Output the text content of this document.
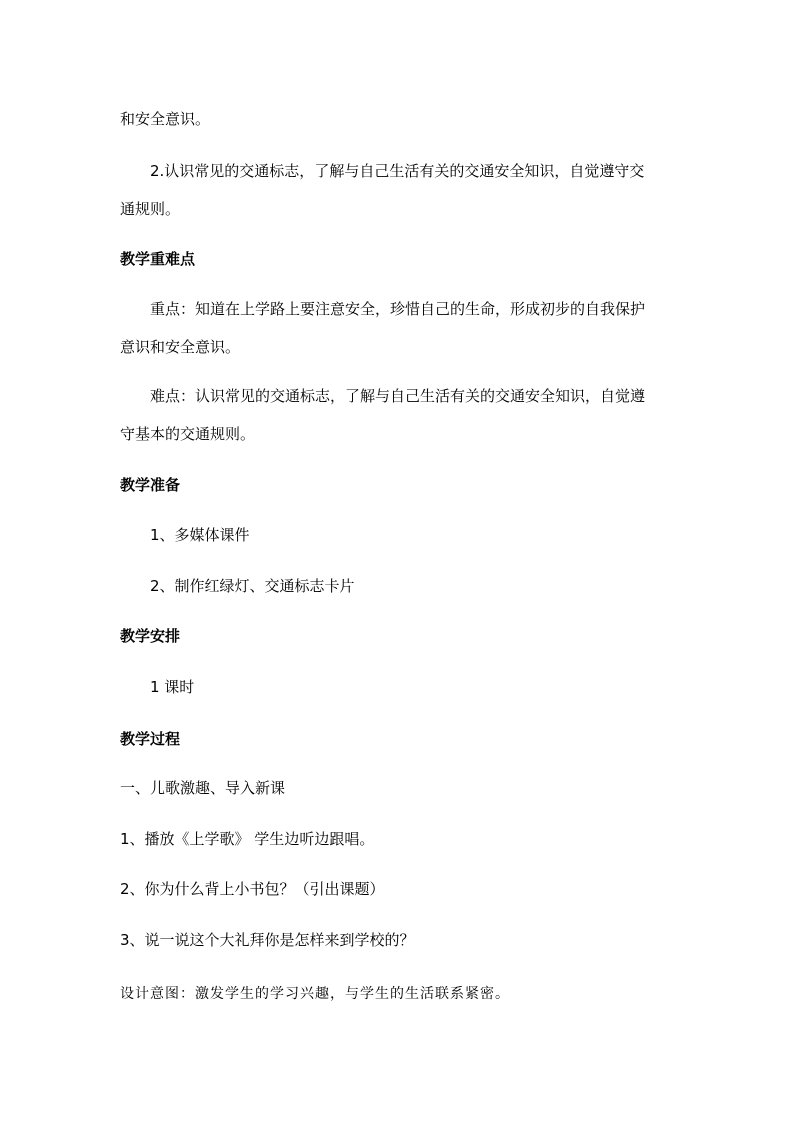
和安全意识。
2.认识常见的交通标志，了解与自己生活有关的交通安全知识，自觉遵守交
通规则。
教学重难点
重点：知道在上学路上要注意安全，珍惜自己的生命，形成初步的自我保护
意识和安全意识。
难点：认识常见的交通标志，了解与自己生活有关的交通安全知识，自觉遵
守基本的交通规则。
教学准备
1、多媒体课件
2、制作红绿灯、交通标志卡片
教学安排
1 课时
教学过程
一、儿歌激趣、导入新课
1、播放《上学歌》 学生边听边跟唱。
2、你为什么背上小书包？（引出课题）
3、说一说这个大礼拜你是怎样来到学校的？
设计意图：激发学生的学习兴趣，与学生的生活联系紧密。
